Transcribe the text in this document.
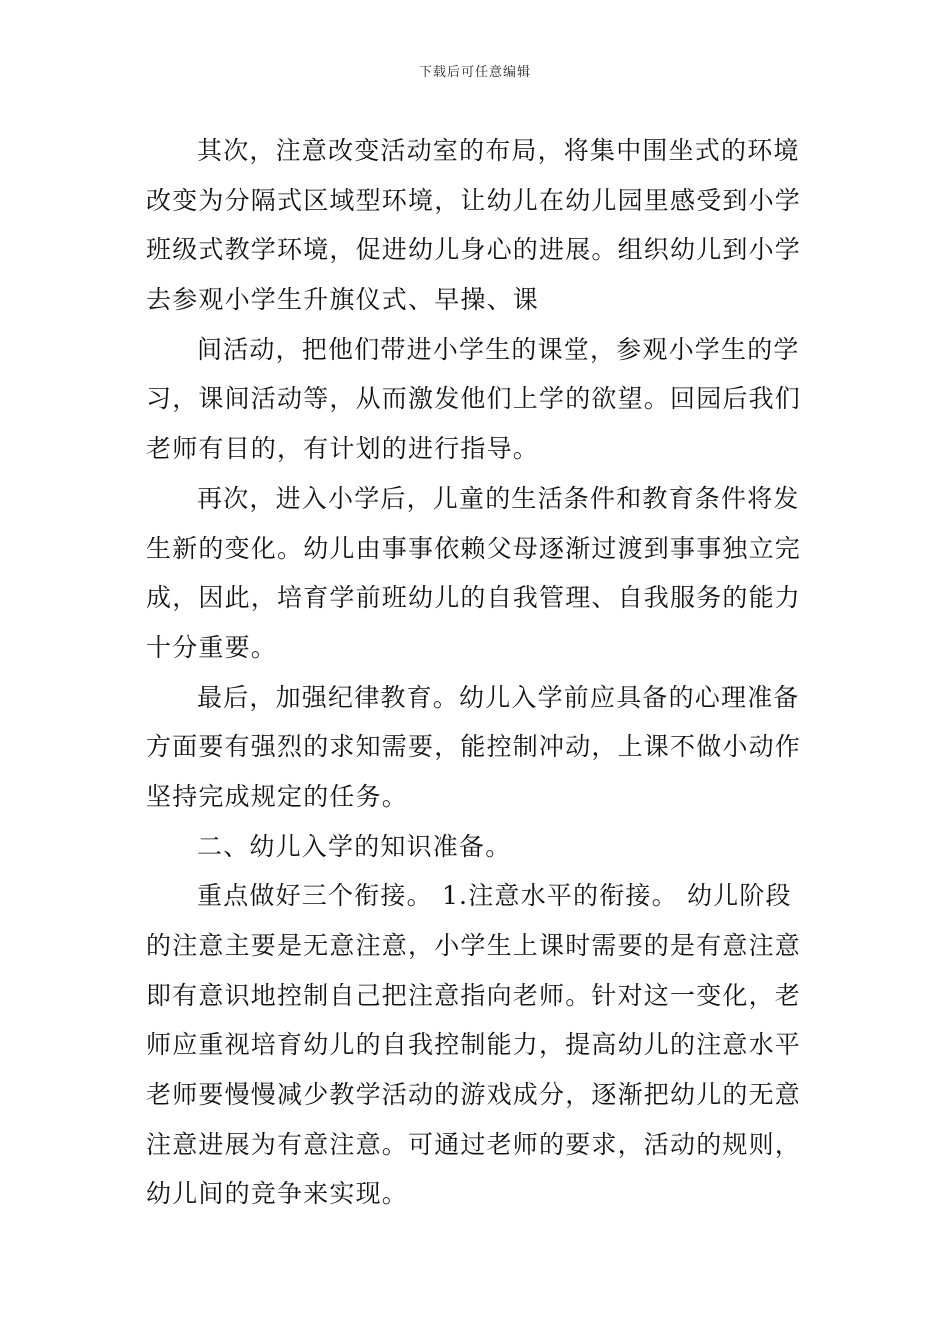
下载后可任意编辑

其次，注意改变活动室的布局，将集中围坐式的环境
改变为分隔式区域型环境，让幼儿在幼儿园里感受到小学
班级式教学环境，促进幼儿身心的进展。组织幼儿到小学
去参观小学生升旗仪式、早操、课

间活动，把他们带进小学生的课堂，参观小学生的学
习，课间活动等，从而激发他们上学的欲望。回园后我们
老师有目的，有计划的进行指导。

再次，进入小学后，儿童的生活条件和教育条件将发
生新的变化。幼儿由事事依赖父母逐渐过渡到事事独立完
成，因此，培育学前班幼儿的自我管理、自我服务的能力
十分重要。

最后，加强纪律教育。幼儿入学前应具备的心理准备
方面要有强烈的求知需要，能控制冲动，上课不做小动作
坚持完成规定的任务。

二、幼儿入学的知识准备。

重点做好三个衔接。 1.注意水平的衔接。 幼儿阶段
的注意主要是无意注意，小学生上课时需要的是有意注意
即有意识地控制自己把注意指向老师。针对这一变化，老
师应重视培育幼儿的自我控制能力，提高幼儿的注意水平
老师要慢慢减少教学活动的游戏成分，逐渐把幼儿的无意
注意进展为有意注意。可通过老师的要求，活动的规则，
幼儿间的竞争来实现。
